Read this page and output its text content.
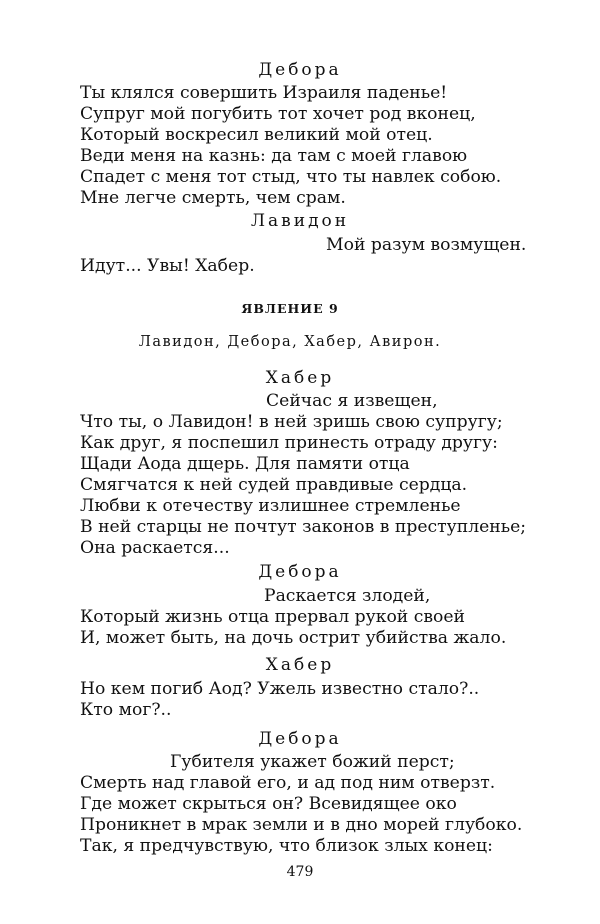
Дебора
Ты клялся совершить Израиля паденье!
Супруг мой погубить тот хочет род вконец,
Который воскресил великий мой отец.
Веди меня на казнь: да там с моей главою
Спадет с меня тот стыд, что ты навлек собою.
Мне легче смерть, чем срам.
Лавидон
Мой разум возмущен.
Идут... Увы! Хабер.
ЯВЛЕНИЕ 9
Лавидон, Дебора, Хабер, Авирон.
Хабер
Сейчас я извещен,
Что ты, о Лавидон! в ней зришь свою супругу;
Как друг, я поспешил принесть отраду другу:
Щади Аода дщерь. Для памяти отца
Смягчатся к ней судей правдивые сердца.
Любви к отечеству излишнее стремленье
В ней старцы не почтут законов в преступленье;
Она раскается...
Дебора
Раскается злодей,
Который жизнь отца прервал рукой своей
И, может быть, на дочь острит убийства жало.
Хабер
Но кем погиб Аод? Ужель известно стало?..
Кто мог?..
Дебора
Губителя укажет божий перст;
Смерть над главой его, и ад под ним отверзт.
Где может скрыться он? Всевидящее око
Проникнет в мрак земли и в дно морей глубоко.
Так, я предчувствую, что близок злых конец:
479
